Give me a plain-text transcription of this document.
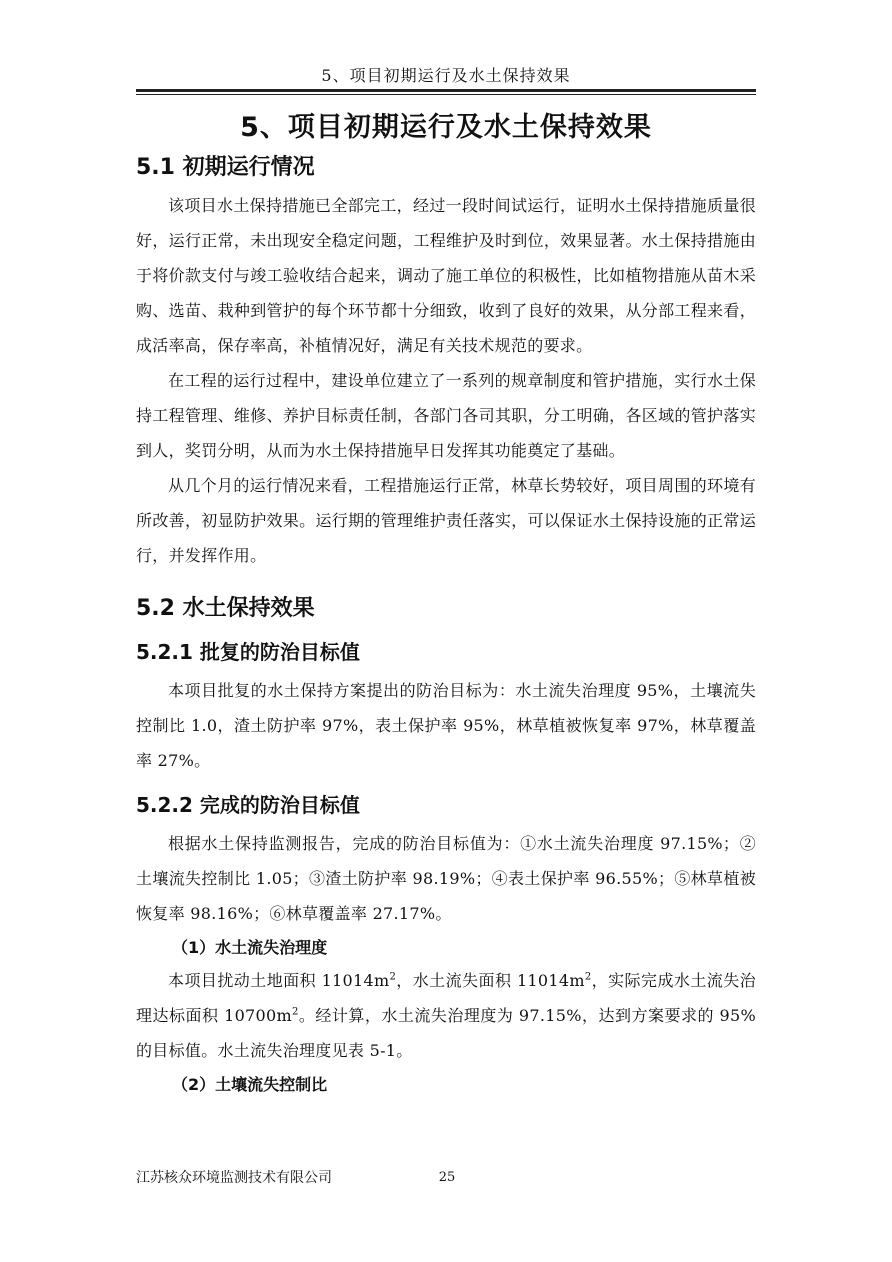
5、项目初期运行及水土保持效果
5、项目初期运行及水土保持效果
5.1 初期运行情况

该项目水土保持措施已全部完工，经过一段时间试运行，证明水土保持措施质量很好，运行正常，未出现安全稳定问题，工程维护及时到位，效果显著。水土保持措施由于将价款支付与竣工验收结合起来，调动了施工单位的积极性，比如植物措施从苗木采购、选苗、栽种到管护的每个环节都十分细致，收到了良好的效果，从分部工程来看，成活率高，保存率高，补植情况好，满足有关技术规范的要求。

在工程的运行过程中，建设单位建立了一系列的规章制度和管护措施，实行水土保持工程管理、维修、养护目标责任制，各部门各司其职，分工明确，各区域的管护落实到人，奖罚分明，从而为水土保持措施早日发挥其功能奠定了基础。

从几个月的运行情况来看，工程措施运行正常，林草长势较好，项目周围的环境有所改善，初显防护效果。运行期的管理维护责任落实，可以保证水土保持设施的正常运行，并发挥作用。

5.2 水土保持效果
5.2.1 批复的防治目标值

本项目批复的水土保持方案提出的防治目标为：水土流失治理度 95%，土壤流失控制比 1.0，渣土防护率 97%，表土保护率 95%，林草植被恢复率 97%，林草覆盖率 27%。

5.2.2 完成的防治目标值

根据水土保持监测报告，完成的防治目标值为：①水土流失治理度 97.15%；②土壤流失控制比 1.05；③渣土防护率 98.19%；④表土保护率 96.55%；⑤林草植被恢复率 98.16%；⑥林草覆盖率 27.17%。

（1）水土流失治理度

本项目扰动土地面积 $11014m^2$，水土流失面积 $11014m^2$，实际完成水土流失治理达标面积 $10700m^2$。经计算，水土流失治理度为 97.15%，达到方案要求的 95%的目标值。水土流失治理度见表 5-1。

（2）土壤流失控制比
江苏核众环境监测技术有限公司	25
